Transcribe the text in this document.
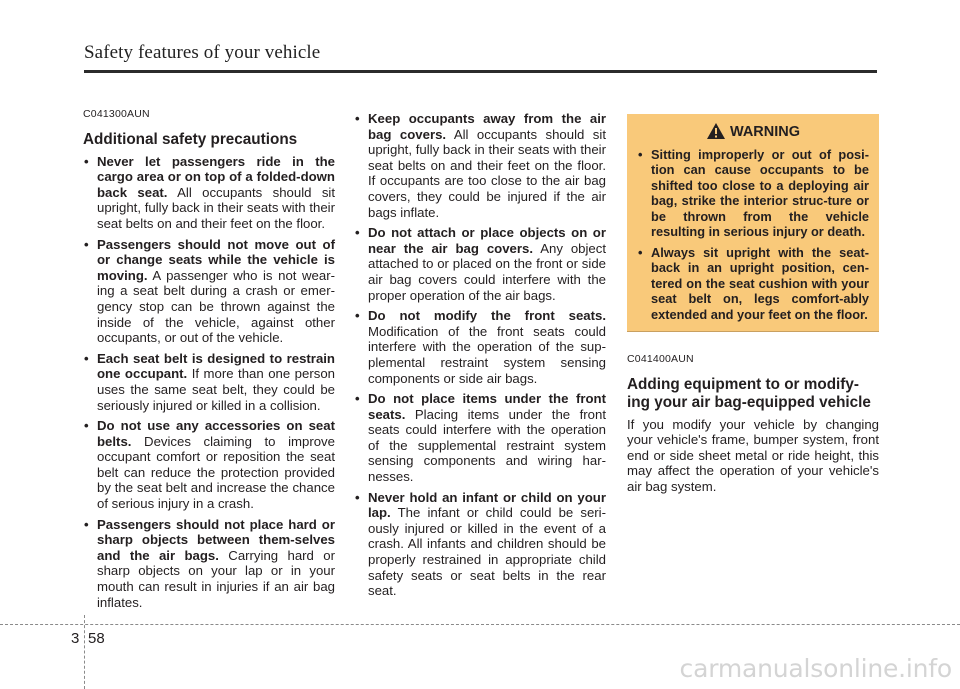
Safety features of your vehicle
C041300AUN
Additional safety precautions
• Never let passengers ride in the cargo area or on top of a folded-down back seat. All occupants should sit upright, fully back in their seats with their seat belts on and their feet on the floor.
• Passengers should not move out of or change seats while the vehicle is moving. A passenger who is not wear-ing a seat belt during a crash or emer-gency stop can be thrown against the inside of the vehicle, against other occupants, or out of the vehicle.
• Each seat belt is designed to restrain one occupant. If more than one person uses the same seat belt, they could be seriously injured or killed in a collision.
• Do not use any accessories on seat belts. Devices claiming to improve occupant comfort or reposition the seat belt can reduce the protection provided by the seat belt and increase the chance of serious injury in a crash.
• Passengers should not place hard or sharp objects between them-selves and the air bags. Carrying hard or sharp objects on your lap or in your mouth can result in injuries if an air bag inflates.
• Keep occupants away from the air bag covers. All occupants should sit upright, fully back in their seats with their seat belts on and their feet on the floor. If occupants are too close to the air bag covers, they could be injured if the air bags inflate.
• Do not attach or place objects on or near the air bag covers. Any object attached to or placed on the front or side air bag covers could interfere with the proper operation of the air bags.
• Do not modify the front seats. Modification of the front seats could interfere with the operation of the sup-plemental restraint system sensing components or side air bags.
• Do not place items under the front seats. Placing items under the front seats could interfere with the operation of the supplemental restraint system sensing components and wiring har-nesses.
• Never hold an infant or child on your lap. The infant or child could be seri-ously injured or killed in the event of a crash. All infants and children should be properly restrained in appropriate child safety seats or seat belts in the rear seat.
WARNING
• Sitting improperly or out of posi-tion can cause occupants to be shifted too close to a deploying air bag, strike the interior struc-ture or be thrown from the vehicle resulting in serious injury or death.
• Always sit upright with the seat-back in an upright position, cen-tered on the seat cushion with your seat belt on, legs comfort-ably extended and your feet on the floor.
C041400AUN
Adding equipment to or modify-ing your air bag-equipped vehicle

If you modify your vehicle by changing your vehicle's frame, bumper system, front end or side sheet metal or ride height, this may affect the operation of your vehicle's air bag system.

3 58
carmanualsonline.info
